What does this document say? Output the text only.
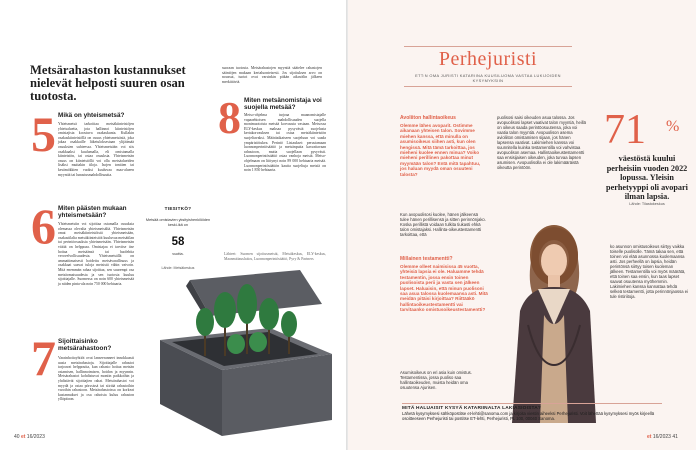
Metsärahaston kustannukset nielevät helposti suuren osan tuotosta.
5 Mikä on yhteismetsä?
Yhteismetsä tarkoittaa metsäkiinteistöjen yhteisaluetta, jota hallinnoi kiinteistöjen omistajista koostuva osakaskunta. Kullakin osakaskiinteistöllä on osuus yhteismetsästä, joka jakaa osakkaille liiketuloksestaan ylijäämää osuuksien suhteessa. Yhteismetsään voi siis osakkaaksi kuulumalla, eli omistamalla kiinteistön, tai ostaa osuuksia. Yhteismetsän osuus on kiinteistöllä voi olla metsäalueiden lisäksi muitakin tiloja. Isojen tonttien tai kesämökkien vuoksi kuuluvaa maa-alueen myyntiä tai lunastusmahdollisuutta.
6 Miten päästen mukaan yhteismetsään?
Yhteismetsiin voi sijoittaa ostamalla osuuksia olemassa olevalta yhteismetsältä. Yhteismetsän omat metsäkiinteistöistä yhteismetsään, osakastilalta metsäkiinteistöä kuuluvaa metsätilan tai perintöosuuksia yhteismetsään. Yhteismetsän väittä on helppoaa. Omistajaa ei tarvitse itse hoitaa metsäänsä tai huolehtia verovelvollisuudesta. Yhteismetsällä on ammattimaisesti hoidettu metsävarallisuus ja osakkaat saavat tuloja metsistä vähin vaivoin. Mitä enemmän rahaa sijoittaa, sen suurempi osa metsäomaisuudesta ja sen tuotosta kuuluu sijoittajalle. Suomessa on noin 600 yhteismetsää ja niiden pinta-ala noin 750 000 hehtaaria.
7 Sijoittaisinko metsärahastoon?
Varainhoitoyhtiöt ovat lanseeranneet innokkaasti uusia metsärahastoja. Sijoittajalle rahastot tarjoavat helppoutta, kun rahasto hoitaa metsän ostamisen, hallinnoimisen, hoidon ja myynnin. Metsärahastot kohdistuvat moniin paikkoihin ja yhdistävät sijoittajien rahat. Metsärahastot voi myydä ja ostaa pörssissä tai siirtää rahastoihin varoihin rahastoon. Metsärahastoissa on korkeat kustannukset ja osa rahoista kuluu rahaston ylläpitoon.
suoraan tuotosta. Metsärahastojen myyntiä säätelee rahastojen sääntöjen mukaan kertaluonteisesti. Jos sijoituksen arvo on noussut, tuotot ovat varsinkin pitkän aikavälin jälkeen merkittäviä.
8 Miten metsänomistaja voi suojella metsää?
Metso-ohjelma tarjoaa maanomistajalle vapaaehtoisen mahdollisuuden suojella monimuotoista metsää korvausta vastaan. Metsossa ELY-keskus maksaa pysyvästä suojelusta kertakorvauksen tai ostaa metsäkiinteistön suojeltavaksi. Määräaikaiseen suojeluun voi saada ympäristötukea. Perintö Listaukset: perustamaan luonnonperintösäätiö ja metsänpuita kasvattavaan rahastoon, mutta suojellaan pysyvästi. Luonnonperintösäätiö ostaa vanhoja metsiä. Metso-ohjelmaan on liittynyt noin 89 000 hehtaaria metsää. Luonnonperintösäätiön kautta suojeltuja metsiä on noin 1 850 hehtaaria.
Lähteet: Suomen sijoitusmetsät, Metsäkeskus, ELY-keskus, Maanmittauslaitos, Luonnonperintösäätiö, Pyry & Partners
TIESITKÖ?
Metsää omistavien yksityishenkilöiden keski-ikä on
58
vuotta.
Lähde: Metsäkeskus
40 et 16/2023
Perhejuristi
ETT:N OMA JURISTI KATARIINA KUUSILUOMA VASTAA LUKIJOIDEN KYSYMYKSIIN
Avoliiton hallintaoikeus
Olemme lähes avoparit. Ostimme aikanaan yhteisen talon. Sovimme miehen kanssa, että minulla on asumisoikeus siihen asti, kun olen hengissä. Mitä tämä tarkoittaa, jos mieheni kuolee ennen minua? Voiko mieheni perillinen pakottaa minut myymään talon? Entä mitä tapahtuu, jos haluan myydä oman osuuteni talosta?
Kun avopuolisosi kuolee, hänen jälkeensä tulee hänen perillisensä ja sitten perinnönjako. Koska perillistä voidaan tulkita tiukasti ehkä talon omistajaksi. Hallinta-oikeustestamentti tarkoittaa, että
Millainen testamentti?
Olemme olleet naimisissa 45 vuotta, yhteisiä lapsia ei ole. Haluamme tehdä testamentin, jossa ensin toinen puolisoista perii ja vasta sen jälkeen lapset. Haluaisin, että minun puolisoni saa asua talossa kuolemaansa asti. Mitä meidän pitäisi kirjoittaa? Riittääkö hallintaoikeustestamentti vai tarvitaanko omistusoikeustestamentti?
Asumisoikeus on eri asia kuin omistus. Testamentissa, jossa puoliso saa hallintaoikeuden, muista heidän oma osuutensa Ajurisen.
puolisosi saisi oikeuden asua talossa. Jos avopuolisosi lapset vaativat talon myyntiä, heillä on oikeus saada perintöosuutensa, joka voi vaatia talon myyntiä. Avopuolison asema avioliiton omistamisen sijaan, jos hänen lapsensa vaativat. Lakimiehen kanssa voi suunnitella kuinka testamentilla voi vahvistaa avopuolison asemaa. Hallintaoikeustestamentti saa ensisijaisen oikeuden, joka turvaa lapsen asumisen. Avopuolisolla ei ole lakimääräistä oikeutta perintöön.
71 %
väestöstä kuului perheisiin vuoden 2022 lopussa. Yleisin perhetyyppi oli avopari ilman lapsia.
Lähde: Tilastokeskus
ko asunnon omistusoikeus siirtyy vaikka toiselle puolisolle. Tämä takaa sen, että toinen voi elää asunnossa kuolemaansa asti. Jos perheellä on lapsia, heidän perintönsä siirtyy toisen kuoleman jälkeen. Testamentilla voi myös määrätä, että toinen saa ensin, kun taas lapset saavat osuutensa myöhemmin. Lakimiehen kanssa kannattaa tehdä selkeä testamentti, jotta perinnönjaossa ei tule ristiriitoja.
MITÄ HALUAISIT KYSYÄ KATARIINALTA LAKIASIOISTA?
Lähetä kysymyksesi sähköpostitse et-lehti@sanoma.com ja kirjoita viestin aiheeksi Perhejuristi. Voit lähettää kysymyksesi myös kirjeellä osoitteeseen Perhejuristi tai postitse ET-lehti, Perhejuristi, PL 100, 00040 Sanoma.
et 16/2023 41
